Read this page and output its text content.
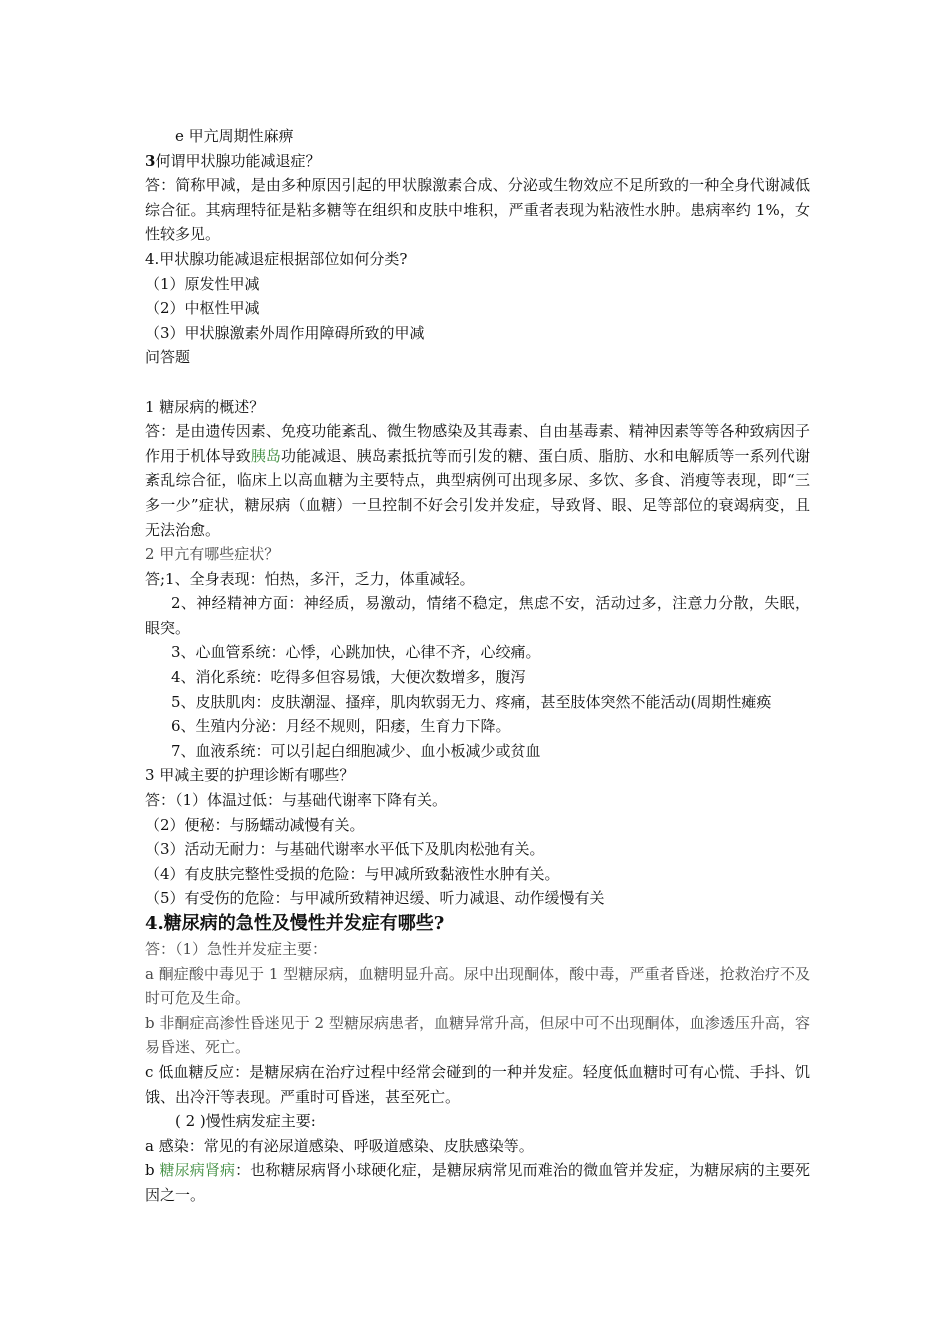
e 甲亢周期性麻痹
3何谓甲状腺功能减退症？
答：简称甲减，是由多种原因引起的甲状腺激素合成、分泌或生物效应不足所致的一种全身代谢减低综合征。其病理特征是粘多糖等在组织和皮肤中堆积，严重者表现为粘液性水肿。患病率约 1%，女性较多见。
4.甲状腺功能减退症根据部位如何分类?
（1）原发性甲减
（2）中枢性甲减
（3）甲状腺激素外周作用障碍所致的甲减
问答题
1 糖尿病的概述？
答：是由遗传因素、免疫功能紊乱、微生物感染及其毒素、自由基毒素、精神因素等等各种致病因子作用于机体导致胰岛功能减退、胰岛素抵抗等而引发的糖、蛋白质、脂肪、水和电解质等一系列代谢紊乱综合征，临床上以高血糖为主要特点，典型病例可出现多尿、多饮、多食、消瘦等表现，即“三多一少”症状，糖尿病（血糖）一旦控制不好会引发并发症，导致肾、眼、足等部位的衰竭病变，且无法治愈。
2 甲亢有哪些症状？
答;1、全身表现：怕热，多汗，乏力，体重减轻。
2、神经精神方面：神经质，易激动，情绪不稳定，焦虑不安，活动过多，注意力分散，失眠，眼突。
3、心血管系统：心悸，心跳加快，心律不齐，心绞痛。
4、消化系统：吃得多但容易饿，大便次数增多，腹泻
5、皮肤肌肉：皮肤潮湿、搔痒，肌肉软弱无力、疼痛，甚至肢体突然不能活动(周期性瘫痪
6、生殖内分泌：月经不规则，阳痿，生育力下降。
7、血液系统：可以引起白细胞减少、血小板减少或贫血
3 甲减主要的护理诊断有哪些？
答：（1）体温过低：与基础代谢率下降有关。
（2）便秘：与肠蠕动减慢有关。
（3）活动无耐力：与基础代谢率水平低下及肌肉松弛有关。
（4）有皮肤完整性受损的危险：与甲减所致黏液性水肿有关。
（5）有受伤的危险：与甲减所致精神迟缓、听力减退、动作缓慢有关
4.糖尿病的急性及慢性并发症有哪些?
答：（1）急性并发症主要：
a 酮症酸中毒见于 1 型糖尿病，血糖明显升高。尿中出现酮体，酸中毒，严重者昏迷，抢救治疗不及时可危及生命。
b 非酮症高渗性昏迷见于 2 型糖尿病患者，血糖异常升高，但尿中可不出现酮体，血渗透压升高，容易昏迷、死亡。
c 低血糖反应：是糖尿病在治疗过程中经常会碰到的一种并发症。轻度低血糖时可有心慌、手抖、饥饿、出冷汗等表现。严重时可昏迷，甚至死亡。
( 2 )慢性病发症主要:
a 感染：常见的有泌尿道感染、呼吸道感染、皮肤感染等。
b 糖尿病肾病：也称糖尿病肾小球硬化症，是糖尿病常见而难治的微血管并发症，为糖尿病的主要死因之一。
